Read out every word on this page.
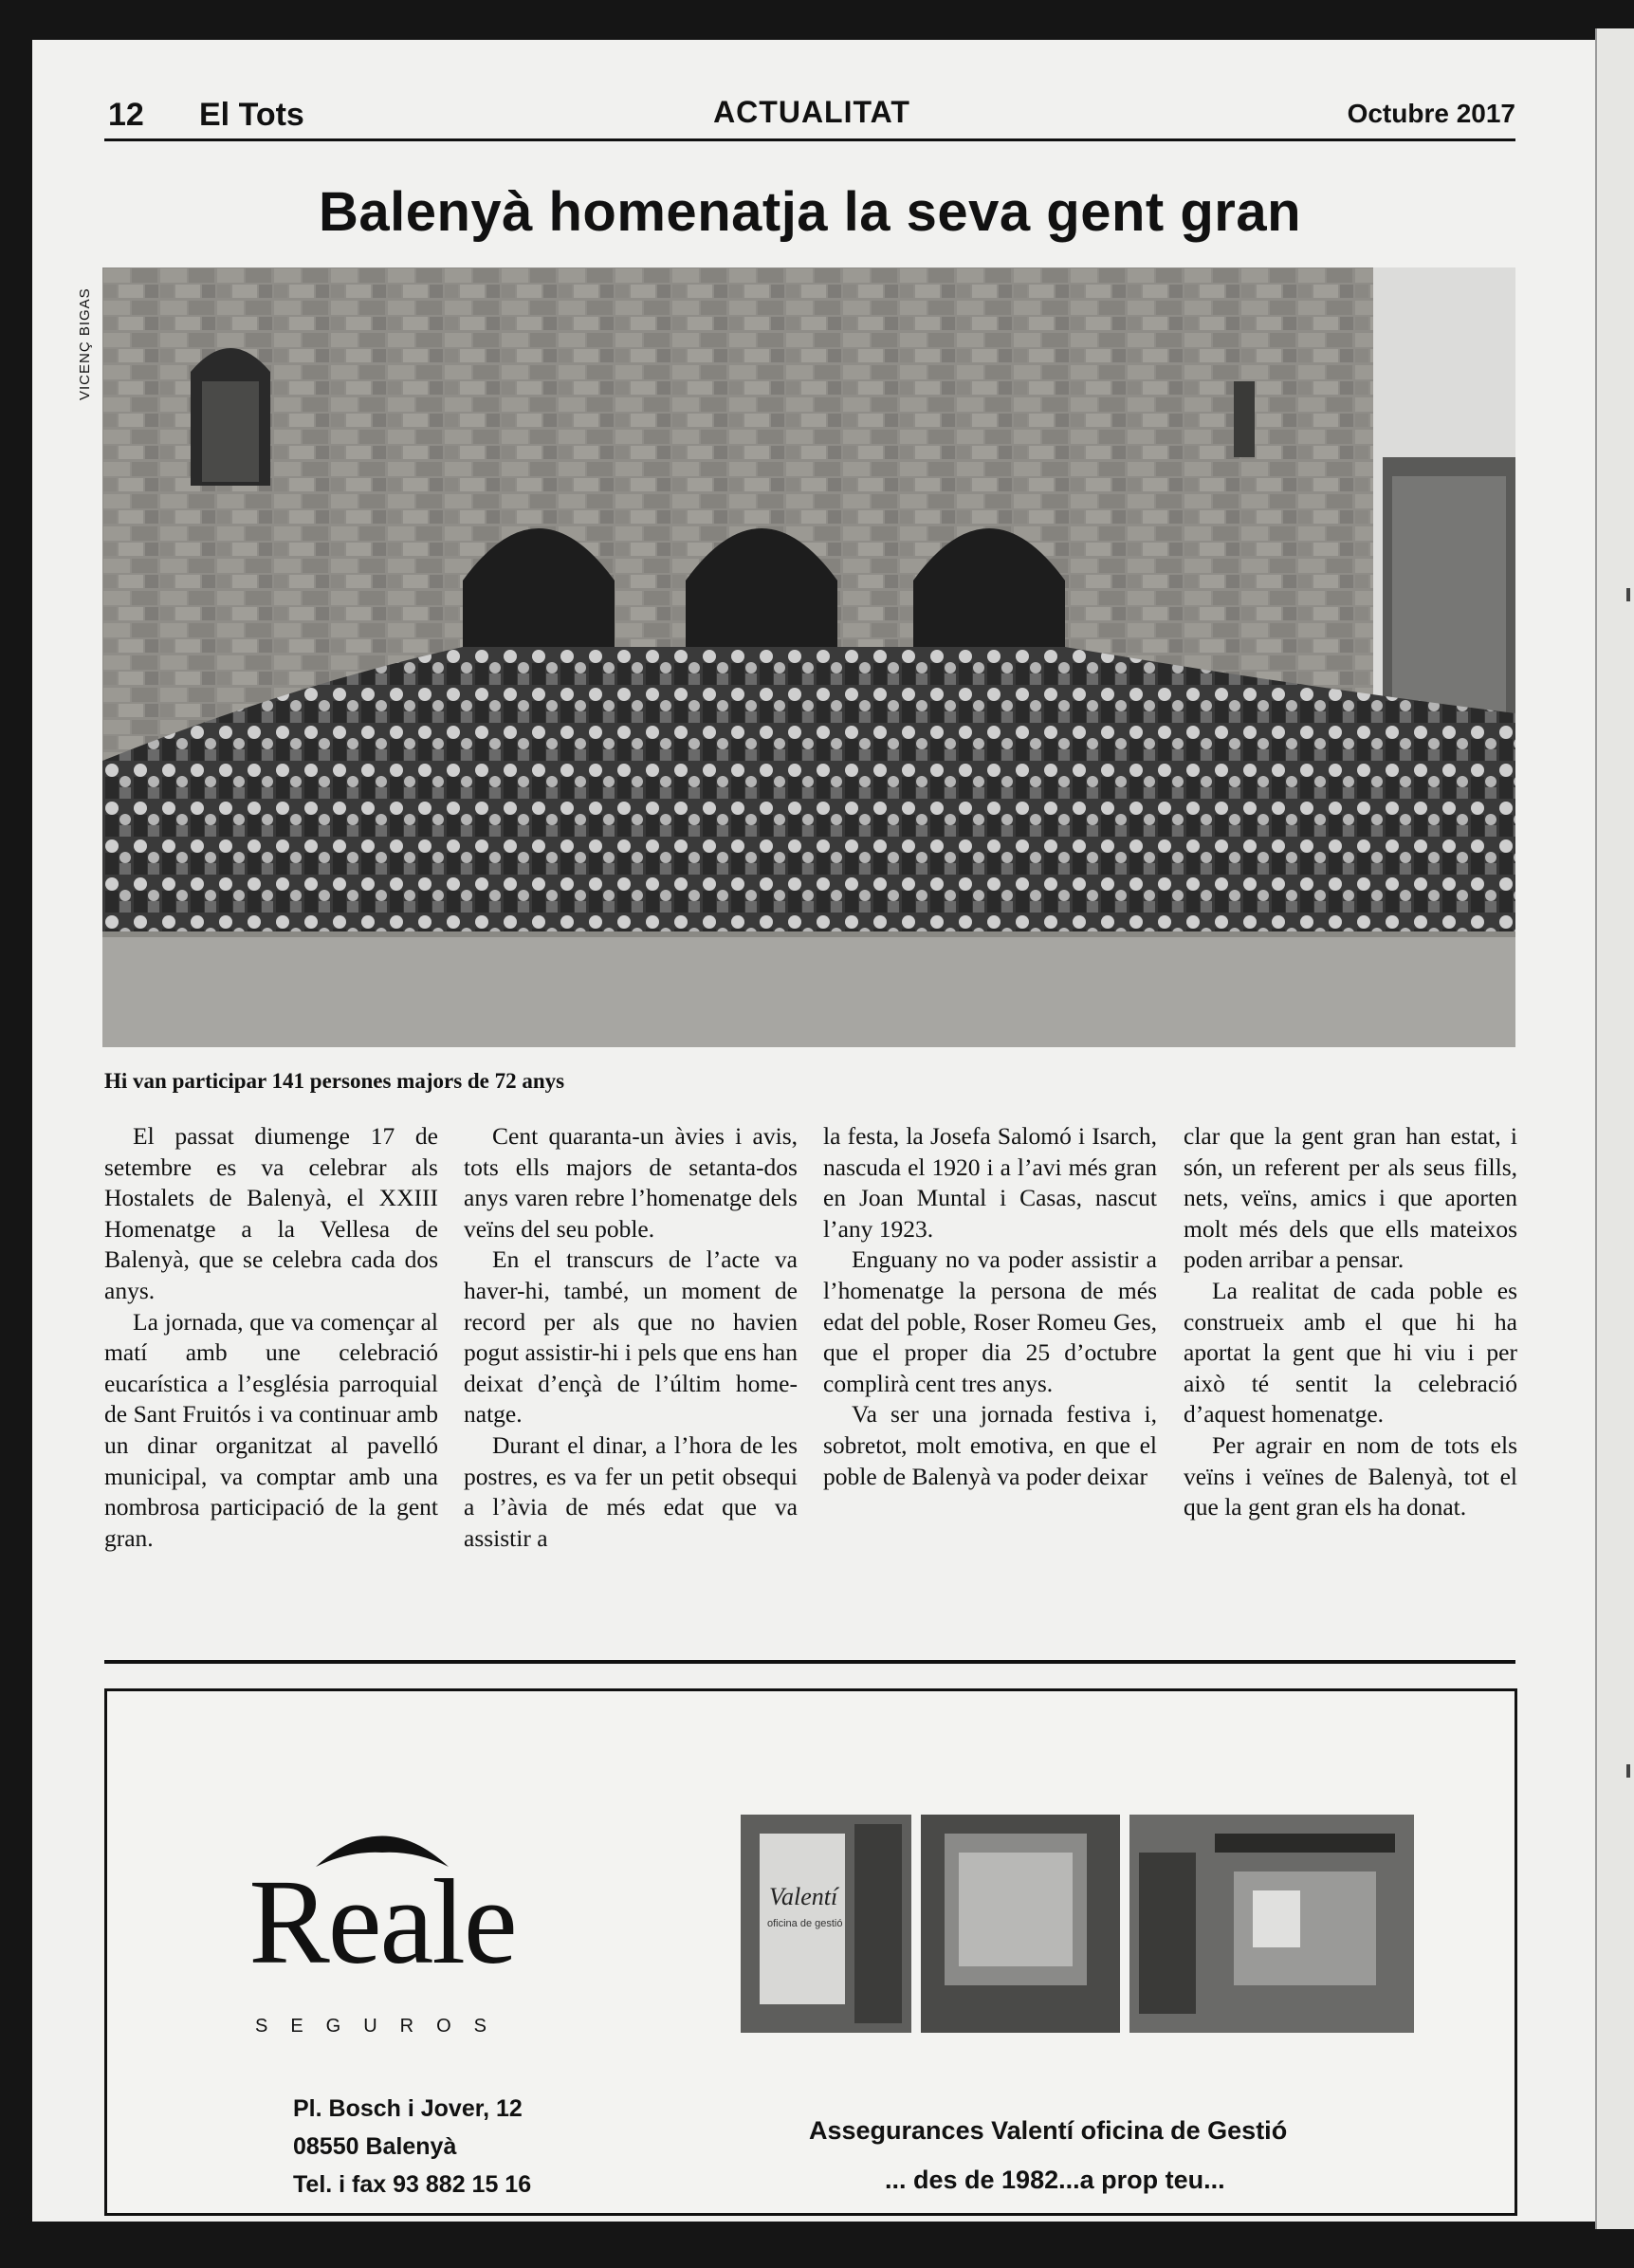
12 El Tots	ACTUALITAT	Octubre 2017
Balenyà homenatja la seva gent gran
VICENÇ BIGAS
Hi van participar 141 persones majors de 72 anys

El passat diumenge 17 de setembre es va celebrar als Hostalets de Balenyà, el XXIII Homenatge a la Vellesa de Balenyà, que se celebra cada dos anys.

La jornada, que va començar al matí amb une celebració eucarística a l’església parroquial de Sant Fruitós i va continuar amb un dinar organitzat al pavelló municipal, va comptar amb una nombrosa participació de la gent gran.

Cent quaranta-un àvies i avis, tots ells majors de setanta-dos anys varen rebre l’homenatge dels veïns del seu poble.

En el transcurs de l’acte va haver-hi, també, un moment de record per als que no havien pogut assistir-hi i pels que ens han deixat d’ençà de l’últim homenatge.

Durant el dinar, a l’hora de les postres, es va fer un petit obsequi a l’àvia de més edat que va assistir a

la festa, la Josefa Salomó i Isarch, nascuda el 1920 i a l’avi més gran en Joan Muntal i Casas, nascut l’any 1923.

Enguany no va poder assistir a l’homenatge la persona de més edat del poble, Roser Romeu Ges, que el proper dia 25 d’octubre complirà cent tres anys.

Va ser una jornada festiva i, sobretot, molt emotiva, en que el poble de Balenyà va poder deixar

clar que la gent gran han estat, i són, un referent per als seus fills, nets, veïns, amics i que aporten molt més dels que ells mateixos poden arribar a pensar.

La realitat de cada poble es construeix amb el que hi ha aportat la gent que hi viu i per això té sentit la celebració d’aquest homenatge.

Per agrair en nom de tots els veïns i veïnes de Balenyà, tot el que la gent gran els ha donat.

Reale
SEGUROS
Pl. Bosch i Jover, 12
08550 Balenyà
Tel. i fax 93 882 15 16
Valentí
oficina de gestió
Assegurances Valentí oficina de Gestió
... des de 1982...a prop teu...
